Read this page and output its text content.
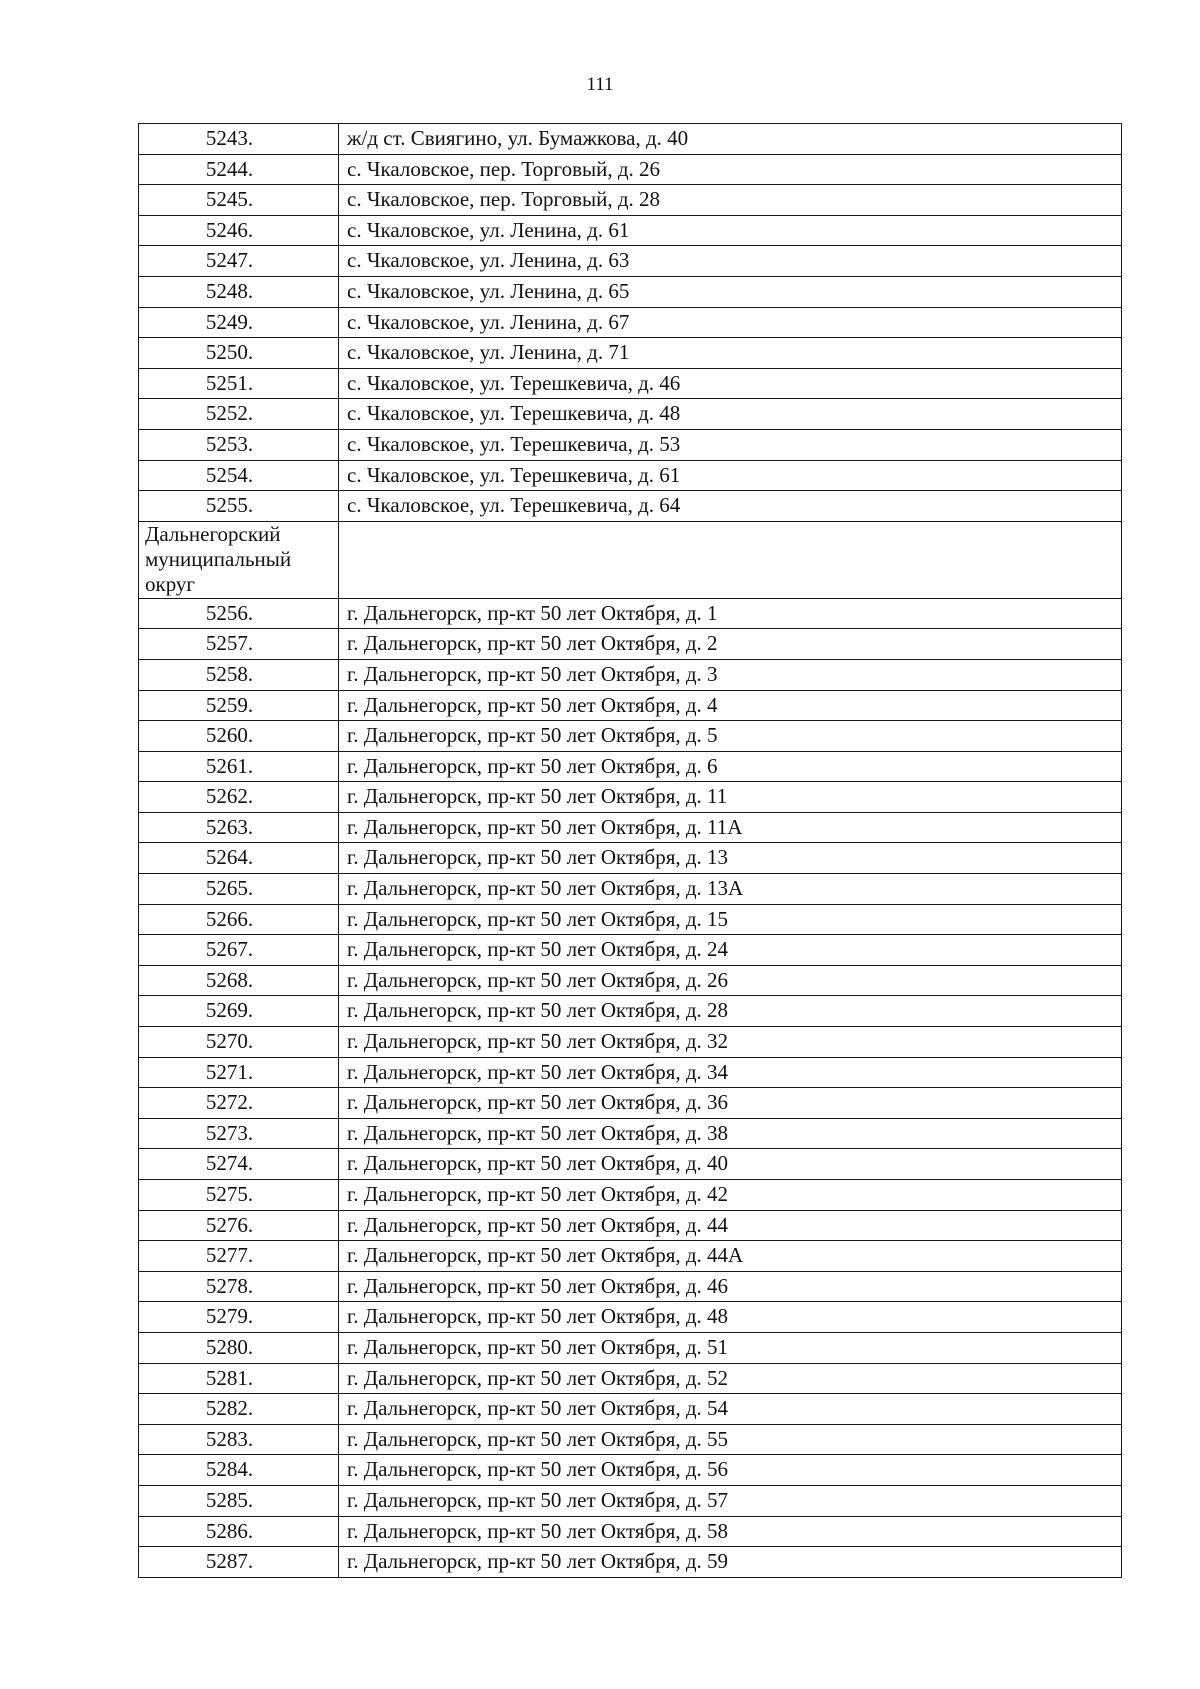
111
5243.	ж/д ст. Свиягино, ул. Бумажкова, д. 40
5244.	с. Чкаловское, пер. Торговый, д. 26
5245.	с. Чкаловское, пер. Торговый, д. 28
5246.	с. Чкаловское, ул. Ленина, д. 61
5247.	с. Чкаловское, ул. Ленина, д. 63
5248.	с. Чкаловское, ул. Ленина, д. 65
5249.	с. Чкаловское, ул. Ленина, д. 67
5250.	с. Чкаловское, ул. Ленина, д. 71
5251.	с. Чкаловское, ул. Терешкевича, д. 46
5252.	с. Чкаловское, ул. Терешкевича, д. 48
5253.	с. Чкаловское, ул. Терешкевича, д. 53
5254.	с. Чкаловское, ул. Терешкевича, д. 61
5255.	с. Чкаловское, ул. Терешкевича, д. 64
Дальнегорский муниципальный округ	
5256.	г. Дальнегорск, пр-кт 50 лет Октября, д. 1
5257.	г. Дальнегорск, пр-кт 50 лет Октября, д. 2
5258.	г. Дальнегорск, пр-кт 50 лет Октября, д. 3
5259.	г. Дальнегорск, пр-кт 50 лет Октября, д. 4
5260.	г. Дальнегорск, пр-кт 50 лет Октября, д. 5
5261.	г. Дальнегорск, пр-кт 50 лет Октября, д. 6
5262.	г. Дальнегорск, пр-кт 50 лет Октября, д. 11
5263.	г. Дальнегорск, пр-кт 50 лет Октября, д. 11А
5264.	г. Дальнегорск, пр-кт 50 лет Октября, д. 13
5265.	г. Дальнегорск, пр-кт 50 лет Октября, д. 13А
5266.	г. Дальнегорск, пр-кт 50 лет Октября, д. 15
5267.	г. Дальнегорск, пр-кт 50 лет Октября, д. 24
5268.	г. Дальнегорск, пр-кт 50 лет Октября, д. 26
5269.	г. Дальнегорск, пр-кт 50 лет Октября, д. 28
5270.	г. Дальнегорск, пр-кт 50 лет Октября, д. 32
5271.	г. Дальнегорск, пр-кт 50 лет Октября, д. 34
5272.	г. Дальнегорск, пр-кт 50 лет Октября, д. 36
5273.	г. Дальнегорск, пр-кт 50 лет Октября, д. 38
5274.	г. Дальнегорск, пр-кт 50 лет Октября, д. 40
5275.	г. Дальнегорск, пр-кт 50 лет Октября, д. 42
5276.	г. Дальнегорск, пр-кт 50 лет Октября, д. 44
5277.	г. Дальнегорск, пр-кт 50 лет Октября, д. 44А
5278.	г. Дальнегорск, пр-кт 50 лет Октября, д. 46
5279.	г. Дальнегорск, пр-кт 50 лет Октября, д. 48
5280.	г. Дальнегорск, пр-кт 50 лет Октября, д. 51
5281.	г. Дальнегорск, пр-кт 50 лет Октября, д. 52
5282.	г. Дальнегорск, пр-кт 50 лет Октября, д. 54
5283.	г. Дальнегорск, пр-кт 50 лет Октября, д. 55
5284.	г. Дальнегорск, пр-кт 50 лет Октября, д. 56
5285.	г. Дальнегорск, пр-кт 50 лет Октября, д. 57
5286.	г. Дальнегорск, пр-кт 50 лет Октября, д. 58
5287.	г. Дальнегорск, пр-кт 50 лет Октября, д. 59
